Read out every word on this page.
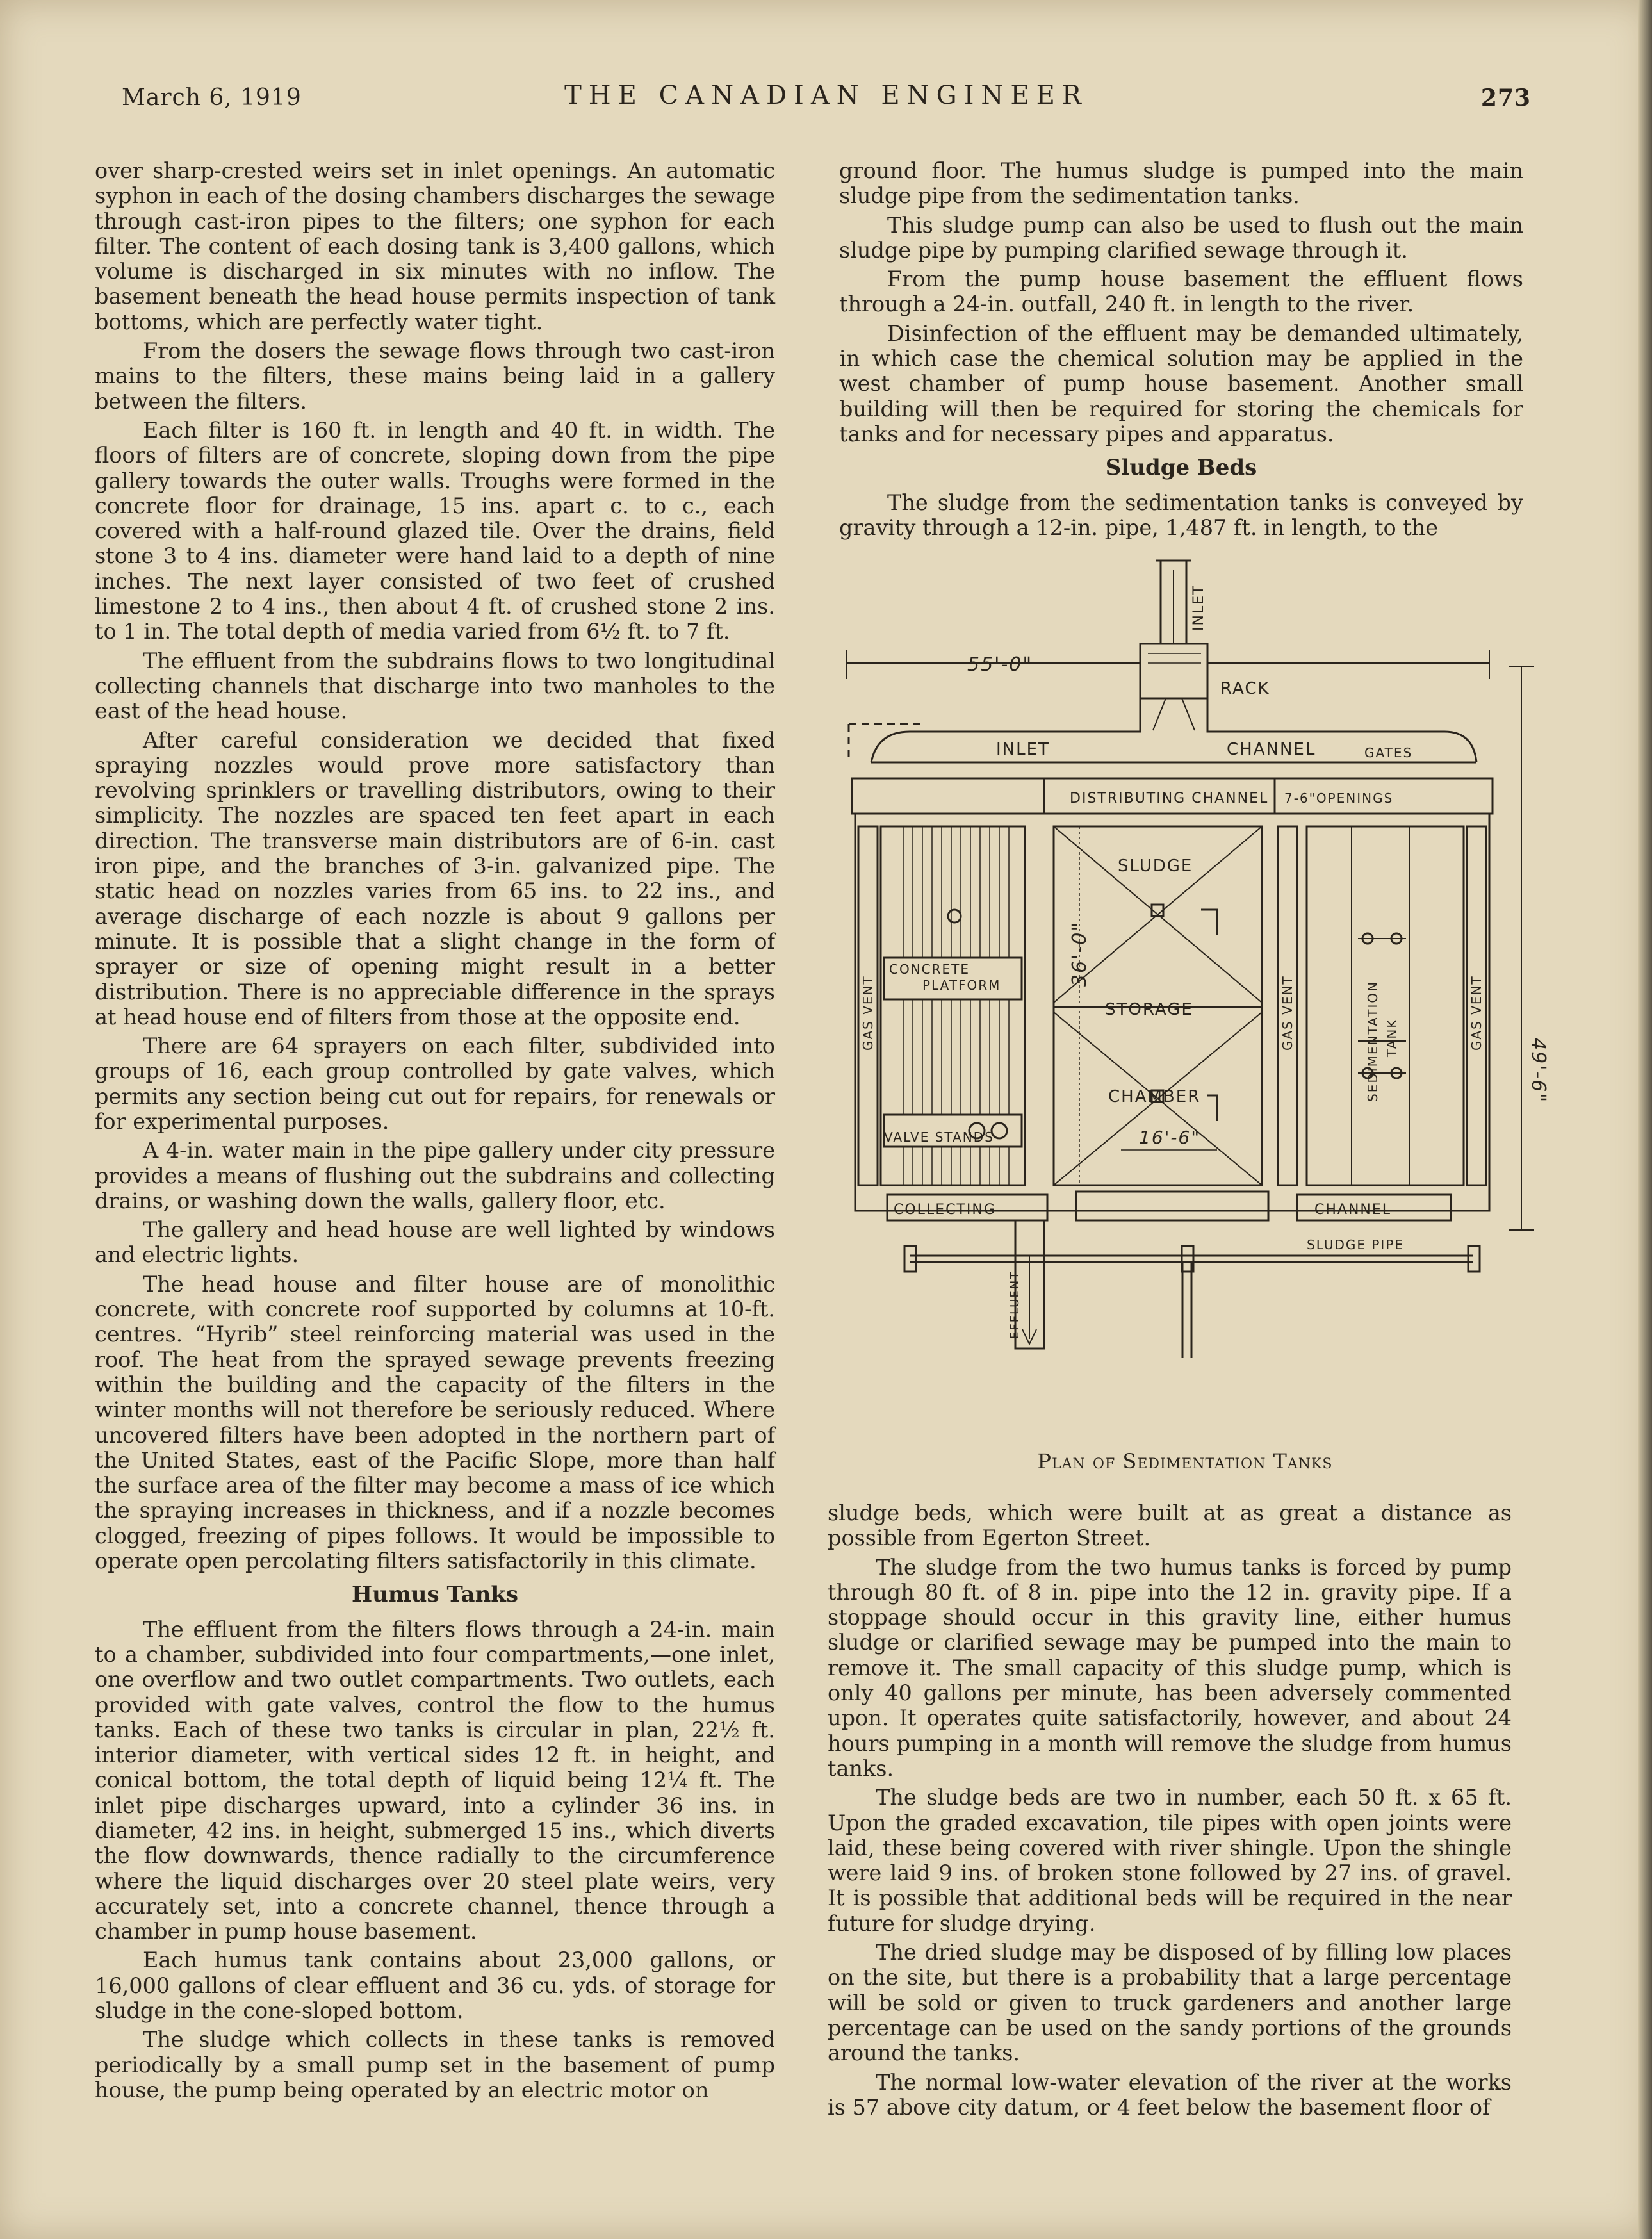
March 6, 1919	THE CANADIAN ENGINEER	273

over sharp-crested weirs set in inlet openings. An automatic syphon in each of the dosing chambers discharges the sewage through cast-iron pipes to the filters; one syphon for each filter. The content of each dosing tank is 3,400 gallons, which volume is discharged in six minutes with no inflow. The basement beneath the head house permits inspection of tank bottoms, which are perfectly water tight.

From the dosers the sewage flows through two cast-iron mains to the filters, these mains being laid in a gallery between the filters.

Each filter is 160 ft. in length and 40 ft. in width. The floors of filters are of concrete, sloping down from the pipe gallery towards the outer walls. Troughs were formed in the concrete floor for drainage, 15 ins. apart c. to c., each covered with a half-round glazed tile. Over the drains, field stone 3 to 4 ins. diameter were hand laid to a depth of nine inches. The next layer consisted of two feet of crushed limestone 2 to 4 ins., then about 4 ft. of crushed stone 2 ins. to 1 in. The total depth of media varied from 6½ ft. to 7 ft.

The effluent from the subdrains flows to two longitudinal collecting channels that discharge into two manholes to the east of the head house.

After careful consideration we decided that fixed spraying nozzles would prove more satisfactory than revolving sprinklers or travelling distributors, owing to their simplicity. The nozzles are spaced ten feet apart in each direction. The transverse main distributors are of 6-in. cast iron pipe, and the branches of 3-in. galvanized pipe. The static head on nozzles varies from 65 ins. to 22 ins., and average discharge of each nozzle is about 9 gallons per minute. It is possible that a slight change in the form of sprayer or size of opening might result in a better distribution. There is no appreciable difference in the sprays at head house end of filters from those at the opposite end.

There are 64 sprayers on each filter, subdivided into groups of 16, each group controlled by gate valves, which permits any section being cut out for repairs, for renewals or for experimental purposes.

A 4-in. water main in the pipe gallery under city pressure provides a means of flushing out the subdrains and collecting drains, or washing down the walls, gallery floor, etc.

The gallery and head house are well lighted by windows and electric lights.

The head house and filter house are of monolithic concrete, with concrete roof supported by columns at 10-ft. centres. “Hyrib” steel reinforcing material was used in the roof. The heat from the sprayed sewage prevents freezing within the building and the capacity of the filters in the winter months will not therefore be seriously reduced. Where uncovered filters have been adopted in the northern part of the United States, east of the Pacific Slope, more than half the surface area of the filter may become a mass of ice which the spraying increases in thickness, and if a nozzle becomes clogged, freezing of pipes follows. It would be impossible to operate open percolating filters satisfactorily in this climate.

Humus Tanks

The effluent from the filters flows through a 24-in. main to a chamber, subdivided into four compartments,—one inlet, one overflow and two outlet compartments. Two outlets, each provided with gate valves, control the flow to the humus tanks. Each of these two tanks is circular in plan, 22½ ft. interior diameter, with vertical sides 12 ft. in height, and conical bottom, the total depth of liquid being 12¼ ft. The inlet pipe discharges upward, into a cylinder 36 ins. in diameter, 42 ins. in height, submerged 15 ins., which diverts the flow downwards, thence radially to the circumference where the liquid discharges over 20 steel plate weirs, very accurately set, into a concrete channel, thence through a chamber in pump house basement.

Each humus tank contains about 23,000 gallons, or 16,000 gallons of clear effluent and 36 cu. yds. of storage for sludge in the cone-sloped bottom.

The sludge which collects in these tanks is removed periodically by a small pump set in the basement of pump house, the pump being operated by an electric motor on

ground floor. The humus sludge is pumped into the main sludge pipe from the sedimentation tanks.

This sludge pump can also be used to flush out the main sludge pipe by pumping clarified sewage through it.

From the pump house basement the effluent flows through a 24-in. outfall, 240 ft. in length to the river.

Disinfection of the effluent may be demanded ultimately, in which case the chemical solution may be applied in the west chamber of pump house basement. Another small building will then be required for storing the chemicals for tanks and for necessary pipes and apparatus.

Sludge Beds

The sludge from the sedimentation tanks is conveyed by gravity through a 12-in. pipe, 1,487 ft. in length, to the

INLET
55'-0"
RACK
INLET	CHANNEL	GATES
DISTRIBUTING CHANNEL 7-6"OPENINGS
SLUDGE
STORAGE
CHAMBER
36'-0"
CONCRETE
PLATFORM
GAS VENT	GAS VENT	GAS VENT
SEDIMENTATION TANK
49'-6"
VALVE STANDS	16'-6"
COLLECTING	CHANNEL
SLUDGE PIPE
EFFLUENT
Plan of Sedimentation Tanks

sludge beds, which were built at as great a distance as possible from Egerton Street.

The sludge from the two humus tanks is forced by pump through 80 ft. of 8 in. pipe into the 12 in. gravity pipe. If a stoppage should occur in this gravity line, either humus sludge or clarified sewage may be pumped into the main to remove it. The small capacity of this sludge pump, which is only 40 gallons per minute, has been adversely commented upon. It operates quite satisfactorily, however, and about 24 hours pumping in a month will remove the sludge from humus tanks.

The sludge beds are two in number, each 50 ft. x 65 ft. Upon the graded excavation, tile pipes with open joints were laid, these being covered with river shingle. Upon the shingle were laid 9 ins. of broken stone followed by 27 ins. of gravel. It is possible that additional beds will be required in the near future for sludge drying.

The dried sludge may be disposed of by filling low places on the site, but there is a probability that a large percentage will be sold or given to truck gardeners and another large percentage can be used on the sandy portions of the grounds around the tanks.

The normal low-water elevation of the river at the works is 57 above city datum, or 4 feet below the basement floor of
